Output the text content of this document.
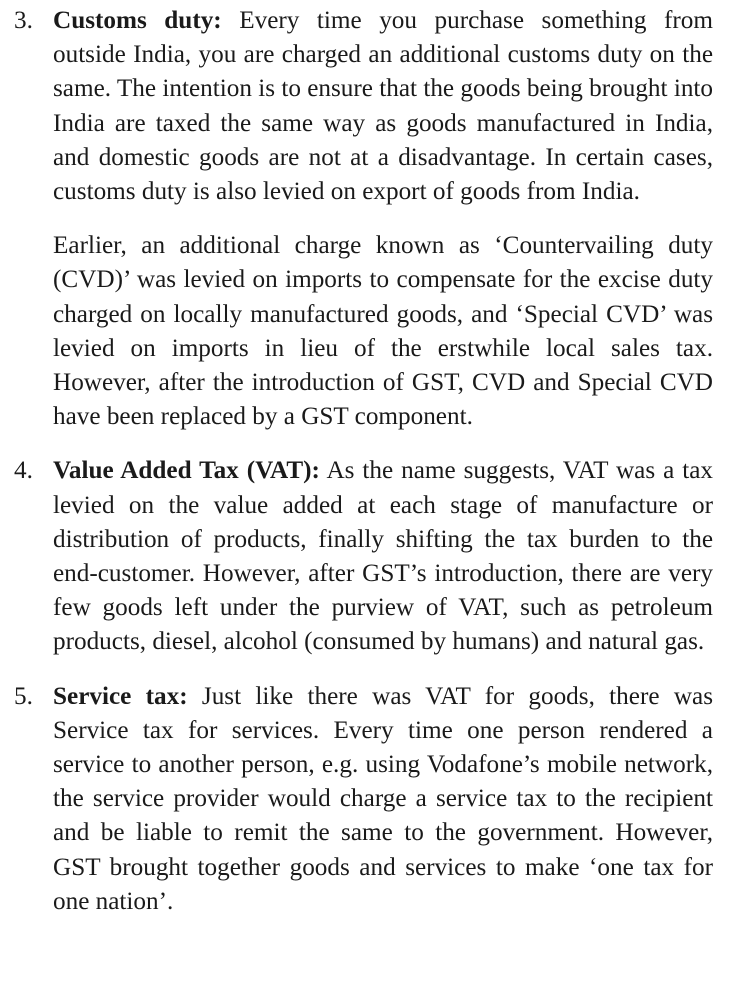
3. Customs duty: Every time you purchase something from outside India, you are charged an additional customs duty on the same. The intention is to ensure that the goods being brought into India are taxed the same way as goods manufactured in India, and domestic goods are not at a disadvantage. In certain cases, customs duty is also levied on export of goods from India.

Earlier, an additional charge known as ‘Countervailing duty (CVD)’ was levied on imports to compensate for the excise duty charged on locally manufactured goods, and ‘Special CVD’ was levied on imports in lieu of the erstwhile local sales tax. However, after the introduction of GST, CVD and Special CVD have been replaced by a GST component.

4. Value Added Tax (VAT): As the name suggests, VAT was a tax levied on the value added at each stage of manufacture or distribution of products, finally shifting the tax burden to the end-customer. However, after GST’s introduction, there are very few goods left under the purview of VAT, such as petroleum products, diesel, alcohol (consumed by humans) and natural gas.

5. Service tax: Just like there was VAT for goods, there was Service tax for services. Every time one person rendered a service to another person, e.g. using Vodafone’s mobile network, the service provider would charge a service tax to the recipient and be liable to remit the same to the government. However, GST brought together goods and services to make ‘one tax for one nation’.
